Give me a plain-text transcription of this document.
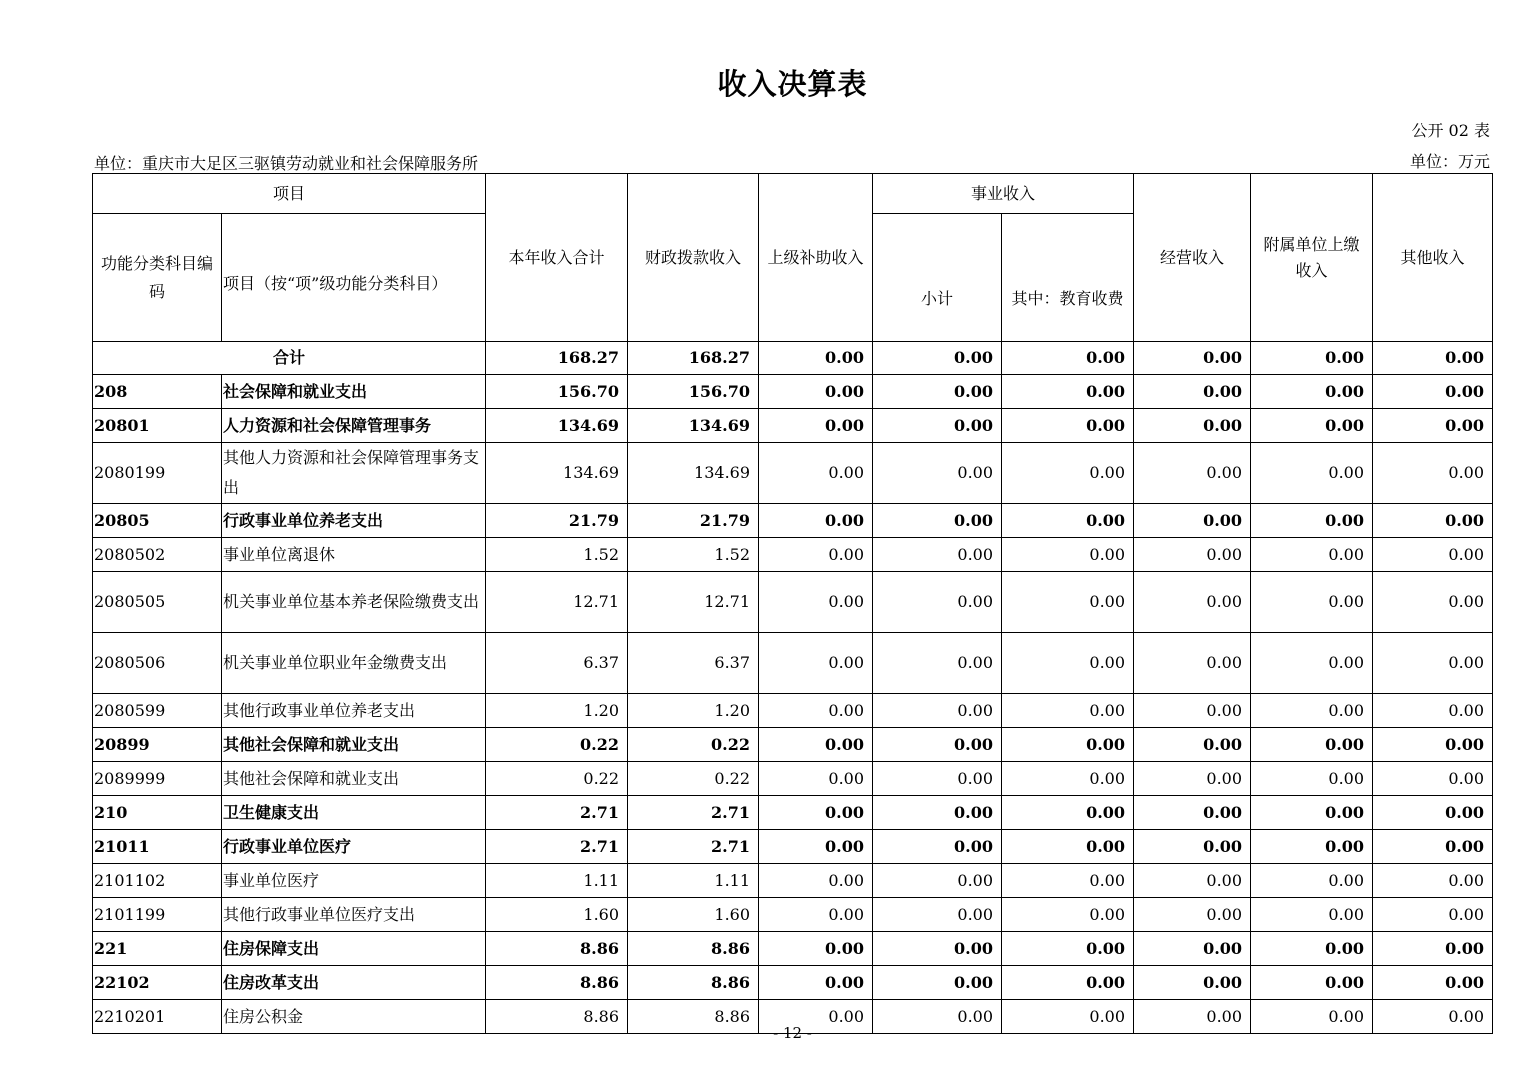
收入决算表
公开 02 表
单位：重庆市大足区三驱镇劳动就业和社会保障服务所	单位：万元
项目		本年收入合计	财政拨款收入	上级补助收入	事业收入		经营收入	附属单位上缴收入	其他收入
功能分类科目编码	项目（按“项”级功能分类科目）				小计	其中：教育收费			
合计		168.27	168.27	0.00	0.00	0.00	0.00	0.00	0.00
208	社会保障和就业支出	156.70	156.70	0.00	0.00	0.00	0.00	0.00	0.00
20801	人力资源和社会保障管理事务	134.69	134.69	0.00	0.00	0.00	0.00	0.00	0.00
2080199	其他人力资源和社会保障管理事务支出	134.69	134.69	0.00	0.00	0.00	0.00	0.00	0.00
20805	行政事业单位养老支出	21.79	21.79	0.00	0.00	0.00	0.00	0.00	0.00
2080502	事业单位离退休	1.52	1.52	0.00	0.00	0.00	0.00	0.00	0.00
2080505	机关事业单位基本养老保险缴费支出	12.71	12.71	0.00	0.00	0.00	0.00	0.00	0.00
2080506	机关事业单位职业年金缴费支出	6.37	6.37	0.00	0.00	0.00	0.00	0.00	0.00
2080599	其他行政事业单位养老支出	1.20	1.20	0.00	0.00	0.00	0.00	0.00	0.00
20899	其他社会保障和就业支出	0.22	0.22	0.00	0.00	0.00	0.00	0.00	0.00
2089999	其他社会保障和就业支出	0.22	0.22	0.00	0.00	0.00	0.00	0.00	0.00
210	卫生健康支出	2.71	2.71	0.00	0.00	0.00	0.00	0.00	0.00
21011	行政事业单位医疗	2.71	2.71	0.00	0.00	0.00	0.00	0.00	0.00
2101102	事业单位医疗	1.11	1.11	0.00	0.00	0.00	0.00	0.00	0.00
2101199	其他行政事业单位医疗支出	1.60	1.60	0.00	0.00	0.00	0.00	0.00	0.00
221	住房保障支出	8.86	8.86	0.00	0.00	0.00	0.00	0.00	0.00
22102	住房改革支出	8.86	8.86	0.00	0.00	0.00	0.00	0.00	0.00
2210201	住房公积金	8.86	8.86	0.00	0.00	0.00	0.00	0.00	0.00
- 12 -
